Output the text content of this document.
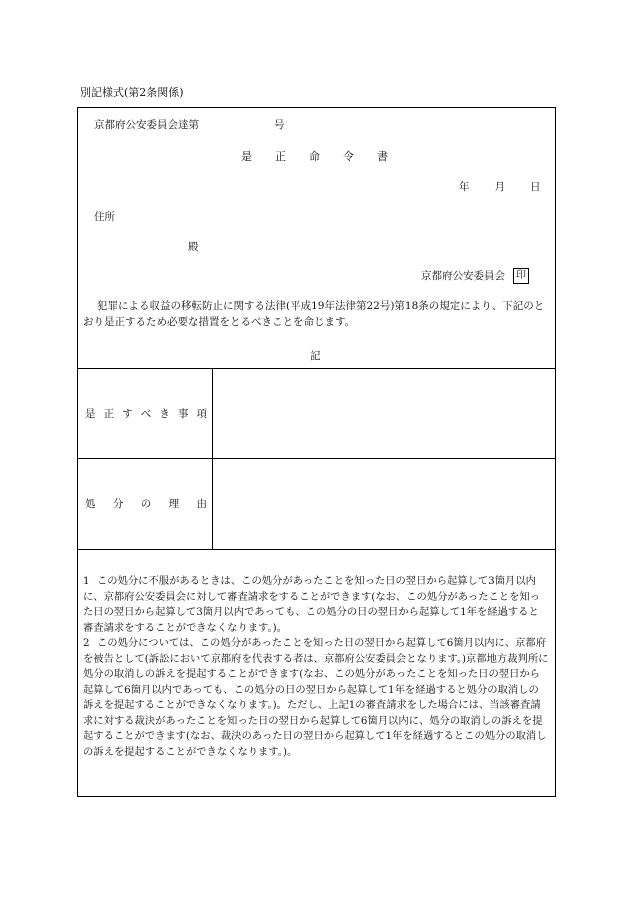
別記様式(第2条関係)
京都府公安委員会達第	号
是 正 命 令 書
年 月 日
住所
殿
京都府公安委員会 印
犯罪による収益の移転防止に関する法律(平成19年法律第22号)第18条の規定により、下記のとおり是正するため必要な措置をとるべきことを命じます。
記
是 正 す べ き 事 項
処 分 の 理 由
1 この処分に不服があるときは、この処分があったことを知った日の翌日から起算して3箇月以内に、京都府公安委員会に対して審査請求をすることができます(なお、この処分があったことを知った日の翌日から起算して3箇月以内であっても、この処分の日の翌日から起算して1年を経過すると審査請求をすることができなくなります。)。
2 この処分については、この処分があったことを知った日の翌日から起算して6箇月以内に、京都府を被告として(訴訟において京都府を代表する者は、京都府公安委員会となります。)京都地方裁判所に処分の取消しの訴えを提起することができます(なお、この処分があったことを知った日の翌日から起算して6箇月以内であっても、この処分の日の翌日から起算して1年を経過すると処分の取消しの訴えを提起することができなくなります。)。ただし、上記1の審査請求をした場合には、当該審査請求に対する裁決があったことを知った日の翌日から起算して6箇月以内に、処分の取消しの訴えを提起することができます(なお、裁決のあった日の翌日から起算して1年を経過するとこの処分の取消しの訴えを提起することができなくなります。)。
